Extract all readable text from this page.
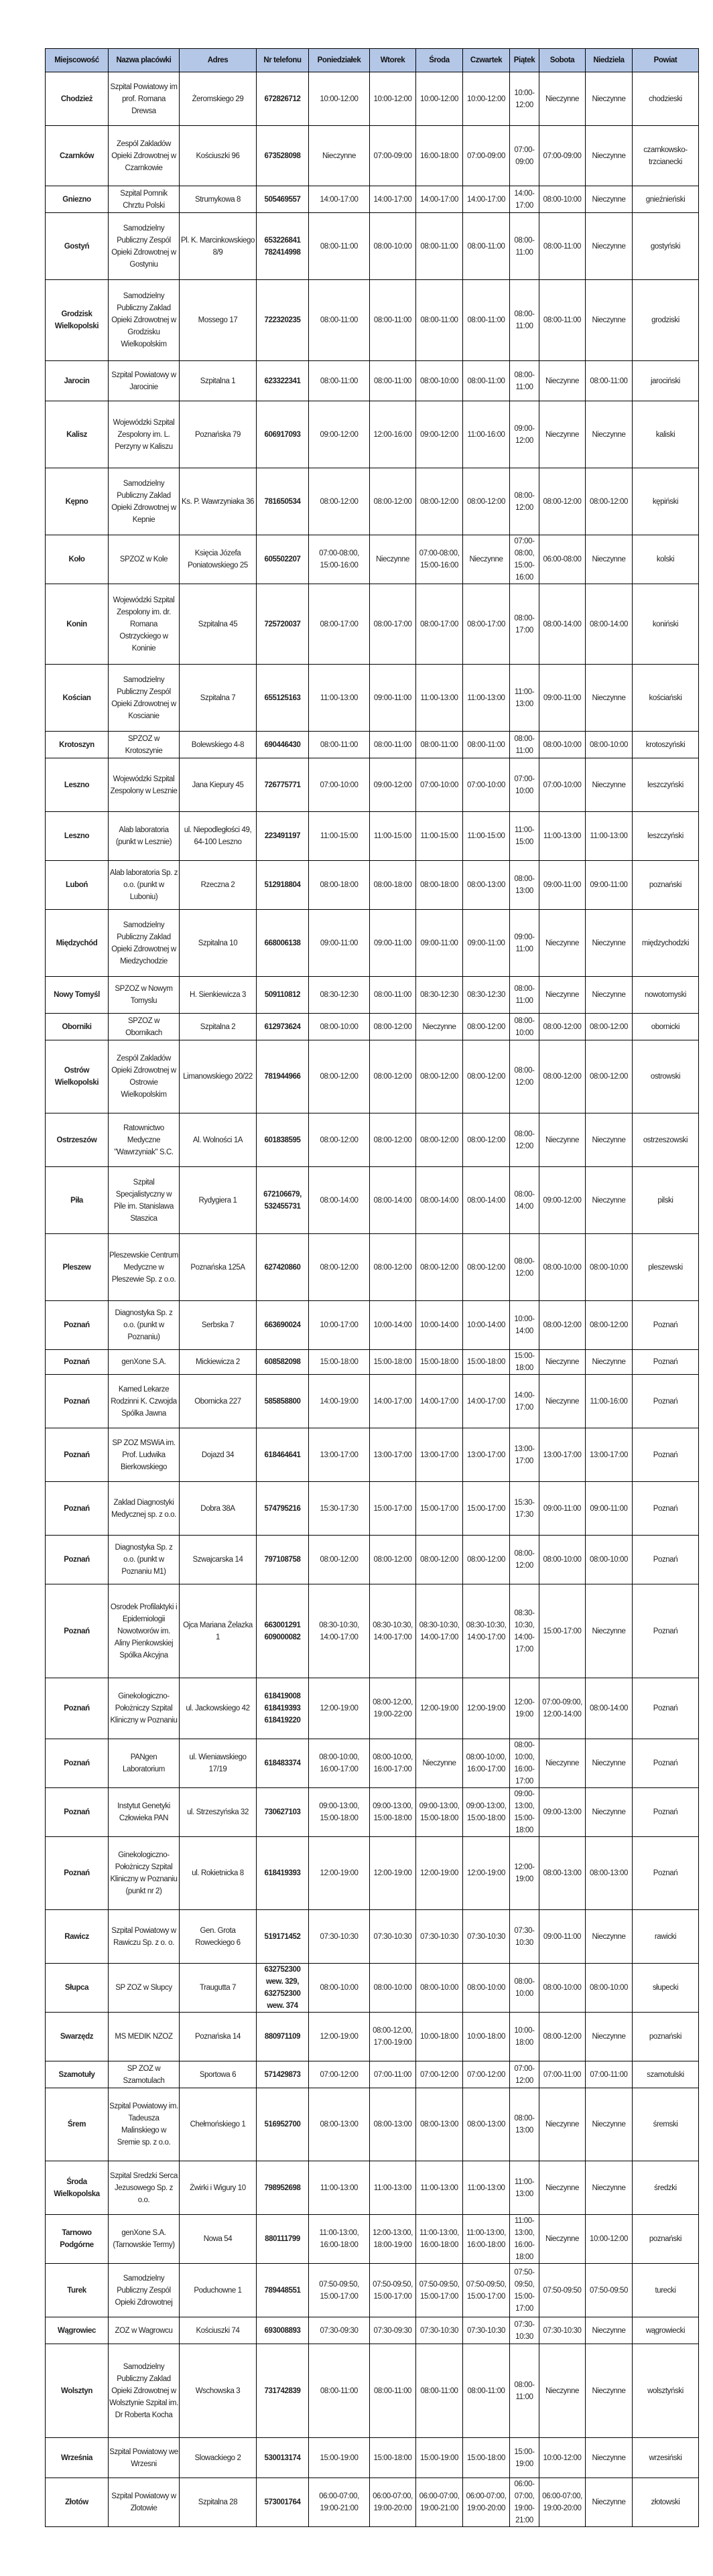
Miejscowość	Nazwa placówki	Adres	Nr telefonu	Poniedziałek	Wtorek	Środa	Czwartek	Piątek	Sobota	Niedziela	Powiat
Chodzież	Szpital Powiatowy im prof. Romana Drewsa	Żeromskiego 29	672826712	10:00-12:00	10:00-12:00	10:00-12:00	10:00-12:00	10:00-12:00	Nieczynne	Nieczynne	chodzieski
Czarnków	Zespól Zakladów Opieki Zdrowotnej w Czarnkowie	Kościuszki 96	673528098	Nieczynne	07:00-09:00	16:00-18:00	07:00-09:00	07:00-09:00	07:00-09:00	Nieczynne	czarnkowsko-trzcianecki
Gniezno	Szpital Pomnik Chrztu Polski	Strumykowa 8	505469557	14:00-17:00	14:00-17:00	14:00-17:00	14:00-17:00	14:00-17:00	08:00-10:00	Nieczynne	gnieźnieński
Gostyń	Samodzielny Publiczny Zespól Opieki Zdrowotnej w Gostyniu	Pl. K. Marcinkowskiego 8/9	653226841 782414998	08:00-11:00	08:00-10:00	08:00-11:00	08:00-11:00	08:00-11:00	08:00-11:00	Nieczynne	gostyński
Grodzisk Wielkopolski	Samodzielny Publiczny Zaklad Opieki Zdrowotnej w Grodzisku Wielkopolskim	Mossego 17	722320235	08:00-11:00	08:00-11:00	08:00-11:00	08:00-11:00	08:00-11:00	08:00-11:00	Nieczynne	grodziski
Jarocin	Szpital Powiatowy w Jarocinie	Szpitalna 1	623322341	08:00-11:00	08:00-11:00	08:00-10:00	08:00-11:00	08:00-11:00	Nieczynne	08:00-11:00	jarociński
Kalisz	Wojewódzki Szpital Zespolony im. L. Perzyny w Kaliszu	Poznańska 79	606917093	09:00-12:00	12:00-16:00	09:00-12:00	11:00-16:00	09:00-12:00	Nieczynne	Nieczynne	kaliski
Kępno	Samodzielny Publiczny Zaklad Opieki Zdrowotnej w Kepnie	Ks. P. Wawrzyniaka 36	781650534	08:00-12:00	08:00-12:00	08:00-12:00	08:00-12:00	08:00-12:00	08:00-12:00	08:00-12:00	kępiński
Koło	SPZOZ w Kole	Księcia Józefa Poniatowskiego 25	605502207	07:00-08:00, 15:00-16:00	Nieczynne	07:00-08:00, 15:00-16:00	Nieczynne	07:00-08:00, 15:00-16:00	06:00-08:00	Nieczynne	kolski
Konin	Wojewódzki Szpital Zespolony im. dr. Romana Ostrzyckiego w Koninie	Szpitalna 45	725720037	08:00-17:00	08:00-17:00	08:00-17:00	08:00-17:00	08:00-17:00	08:00-14:00	08:00-14:00	koniński
Kościan	Samodzielny Publiczny Zespól Opieki Zdrowotnej w Koscianie	Szpitalna 7	655125163	11:00-13:00	09:00-11:00	11:00-13:00	11:00-13:00	11:00-13:00	09:00-11:00	Nieczynne	kościański
Krotoszyn	SPZOZ w Krotoszynie	Bolewskiego 4-8	690446430	08:00-11:00	08:00-11:00	08:00-11:00	08:00-11:00	08:00-11:00	08:00-10:00	08:00-10:00	krotoszyński
Leszno	Wojewódzki Szpital Zespolony w Lesznie	Jana Kiepury 45	726775771	07:00-10:00	09:00-12:00	07:00-10:00	07:00-10:00	07:00-10:00	07:00-10:00	Nieczynne	leszczyński
Leszno	Alab laboratoria (punkt w Lesznie)	ul. Niepodległości 49, 64-100 Leszno	223491197	11:00-15:00	11:00-15:00	11:00-15:00	11:00-15:00	11:00-15:00	11:00-13:00	11:00-13:00	leszczyński
Luboń	Alab laboratoria Sp. z o.o. (punkt w Luboniu)	Rzeczna 2	512918804	08:00-18:00	08:00-18:00	08:00-18:00	08:00-13:00	08:00-13:00	09:00-11:00	09:00-11:00	poznański
Międzychód	Samodzielny Publiczny Zaklad Opieki Zdrowotnej w Miedzychodzie	Szpitalna 10	668006138	09:00-11:00	09:00-11:00	09:00-11:00	09:00-11:00	09:00-11:00	Nieczynne	Nieczynne	międzychodzki
Nowy Tomyśl	SPZOZ w Nowym Tomyslu	H. Sienkiewicza 3	509110812	08:30-12:30	08:00-11:00	08:30-12:30	08:30-12:30	08:00-11:00	Nieczynne	Nieczynne	nowotomyski
Oborniki	SPZOZ w Obornikach	Szpitalna 2	612973624	08:00-10:00	08:00-12:00	Nieczynne	08:00-12:00	08:00-10:00	08:00-12:00	08:00-12:00	obornicki
Ostrów Wielkopolski	Zespól Zakladów Opieki Zdrowotnej w Ostrowie Wielkopolskim	Limanowskiego 20/22	781944966	08:00-12:00	08:00-12:00	08:00-12:00	08:00-12:00	08:00-12:00	08:00-12:00	08:00-12:00	ostrowski
Ostrzeszów	Ratownictwo Medyczne "Wawrzyniak" S.C.	Al. Wolności 1A	601838595	08:00-12:00	08:00-12:00	08:00-12:00	08:00-12:00	08:00-12:00	Nieczynne	Nieczynne	ostrzeszowski
Piła	Szpital Specjalistyczny w Pile im. Stanislawa Staszica	Rydygiera 1	672106679, 532455731	08:00-14:00	08:00-14:00	08:00-14:00	08:00-14:00	08:00-14:00	09:00-12:00	Nieczynne	pilski
Pleszew	Pleszewskie Centrum Medyczne w Pleszewie Sp. z o.o.	Poznańska 125A	627420860	08:00-12:00	08:00-12:00	08:00-12:00	08:00-12:00	08:00-12:00	08:00-10:00	08:00-10:00	pleszewski
Poznań	Diagnostyka Sp. z o.o. (punkt w Poznaniu)	Serbska 7	663690024	10:00-17:00	10:00-14:00	10:00-14:00	10:00-14:00	10:00-14:00	08:00-12:00	08:00-12:00	Poznań
Poznań	genXone S.A.	Mickiewicza 2	608582098	15:00-18:00	15:00-18:00	15:00-18:00	15:00-18:00	15:00-18:00	Nieczynne	Nieczynne	Poznań
Poznań	Kamed Lekarze Rodzinni K. Czwojda Spólka Jawna	Obornicka 227	585858800	14:00-19:00	14:00-17:00	14:00-17:00	14:00-17:00	14:00-17:00	Nieczynne	11:00-16:00	Poznań
Poznań	SP ZOZ MSWiA im. Prof. Ludwika Bierkowskiego	Dojazd 34	618464641	13:00-17:00	13:00-17:00	13:00-17:00	13:00-17:00	13:00-17:00	13:00-17:00	13:00-17:00	Poznań
Poznań	Zaklad Diagnostyki Medycznej sp. z o.o.	Dobra 38A	574795216	15:30-17:30	15:00-17:00	15:00-17:00	15:00-17:00	15:30-17:30	09:00-11:00	09:00-11:00	Poznań
Poznań	Diagnostyka Sp. z o.o. (punkt w Poznaniu M1)	Szwajcarska 14	797108758	08:00-12:00	08:00-12:00	08:00-12:00	08:00-12:00	08:00-12:00	08:00-10:00	08:00-10:00	Poznań
Poznań	Osrodek Profilaktyki i Epidemiologii Nowotworów im. Aliny Pienkowskiej Spólka Akcyjna	Ojca Mariana Żelazka 1	663001291 609000082	08:30-10:30, 14:00-17:00	08:30-10:30, 14:00-17:00	08:30-10:30, 14:00-17:00	08:30-10:30, 14:00-17:00	08:30-10:30, 14:00-17:00	15:00-17:00	Nieczynne	Poznań
Poznań	Ginekologiczno-Położniczy Szpital Kliniczny w Poznaniu	ul. Jackowskiego 42	618419008 618419393 618419220	12:00-19:00	08:00-12:00, 19:00-22:00	12:00-19:00	12:00-19:00	12:00-19:00	07:00-09:00, 12:00-14:00	08:00-14:00	Poznań
Poznań	PANgen Laboratorium	ul. Wieniawskiego 17/19	618483374	08:00-10:00, 16:00-17:00	08:00-10:00, 16:00-17:00	Nieczynne	08:00-10:00, 16:00-17:00	08:00-10:00, 16:00-17:00	Nieczynne	Nieczynne	Poznań
Poznań	Instytut Genetyki Człowieka PAN	ul. Strzeszyńska 32	730627103	09:00-13:00, 15:00-18:00	09:00-13:00, 15:00-18:00	09:00-13:00, 15:00-18:00	09:00-13:00, 15:00-18:00	09:00-13:00, 15:00-18:00	09:00-13:00	Nieczynne	Poznań
Poznań	Ginekologiczno-Położniczy Szpital Kliniczny w Poznaniu (punkt nr 2)	ul. Rokietnicka 8	618419393	12:00-19:00	12:00-19:00	12:00-19:00	12:00-19:00	12:00-19:00	08:00-13:00	08:00-13:00	Poznań
Rawicz	Szpital Powiatowy w Rawiczu Sp. z o. o.	Gen. Grota Roweckiego 6	519171452	07:30-10:30	07:30-10:30	07:30-10:30	07:30-10:30	07:30-10:30	09:00-11:00	Nieczynne	rawicki
Słupca	SP ZOZ w Slupcy	Traugutta 7	632752300 wew. 329, 632752300 wew. 374	08:00-10:00	08:00-10:00	08:00-10:00	08:00-10:00	08:00-10:00	08:00-10:00	08:00-10:00	słupecki
Swarzędz	MS MEDIK NZOZ	Poznańska 14	880971109	12:00-19:00	08:00-12:00, 17:00-19:00	10:00-18:00	10:00-18:00	10:00-18:00	08:00-12:00	Nieczynne	poznański
Szamotuły	SP ZOZ w Szamotulach	Sportowa 6	571429873	07:00-12:00	07:00-11:00	07:00-12:00	07:00-12:00	07:00-12:00	07:00-11:00	07:00-11:00	szamotulski
Śrem	Szpital Powiatowy im. Tadeusza Malinskiego w Sremie sp. z o.o.	Chełmońskiego 1	516952700	08:00-13:00	08:00-13:00	08:00-13:00	08:00-13:00	08:00-13:00	Nieczynne	Nieczynne	śremski
Środa Wielkopolska	Szpital Sredzki Serca Jezusowego Sp. z o.o.	Żwirki i Wigury 10	798952698	11:00-13:00	11:00-13:00	11:00-13:00	11:00-13:00	11:00-13:00	Nieczynne	Nieczynne	średzki
Tarnowo Podgórne	genXone S.A. (Tarnowskie Termy)	Nowa 54	880111799	11:00-13:00, 16:00-18:00	12:00-13:00, 18:00-19:00	11:00-13:00, 16:00-18:00	11:00-13:00, 16:00-18:00	11:00-13:00, 16:00-18:00	Nieczynne	10:00-12:00	poznański
Turek	Samodzielny Publiczny Zespól Opieki Zdrowotnej	Poduchowne 1	789448551	07:50-09:50, 15:00-17:00	07:50-09:50, 15:00-17:00	07:50-09:50, 15:00-17:00	07:50-09:50, 15:00-17:00	07:50-09:50, 15:00-17:00	07:50-09:50	07:50-09:50	turecki
Wągrowiec	ZOZ w Wagrowcu	Kościuszki 74	693008893	07:30-09:30	07:30-09:30	07:30-10:30	07:30-10:30	07:30-10:30	07:30-10:30	Nieczynne	wągrowiecki
Wolsztyn	Samodzielny Publiczny Zaklad Opieki Zdrowotnej w Wolsztynie Szpital im. Dr Roberta Kocha	Wschowska 3	731742839	08:00-11:00	08:00-11:00	08:00-11:00	08:00-11:00	08:00-11:00	Nieczynne	Nieczynne	wolsztyński
Września	Szpital Powiatowy we Wrzesni	Slowackiego 2	530013174	15:00-19:00	15:00-18:00	15:00-19:00	15:00-18:00	15:00-19:00	10:00-12:00	Nieczynne	wrzesiński
Złotów	Szpital Powiatowy w Zlotowie	Szpitalna 28	573001764	06:00-07:00, 19:00-21:00	06:00-07:00, 19:00-20:00	06:00-07:00, 19:00-21:00	06:00-07:00, 19:00-20:00	06:00-07:00, 19:00-21:00	06:00-07:00, 19:00-20:00	Nieczynne	złotowski
